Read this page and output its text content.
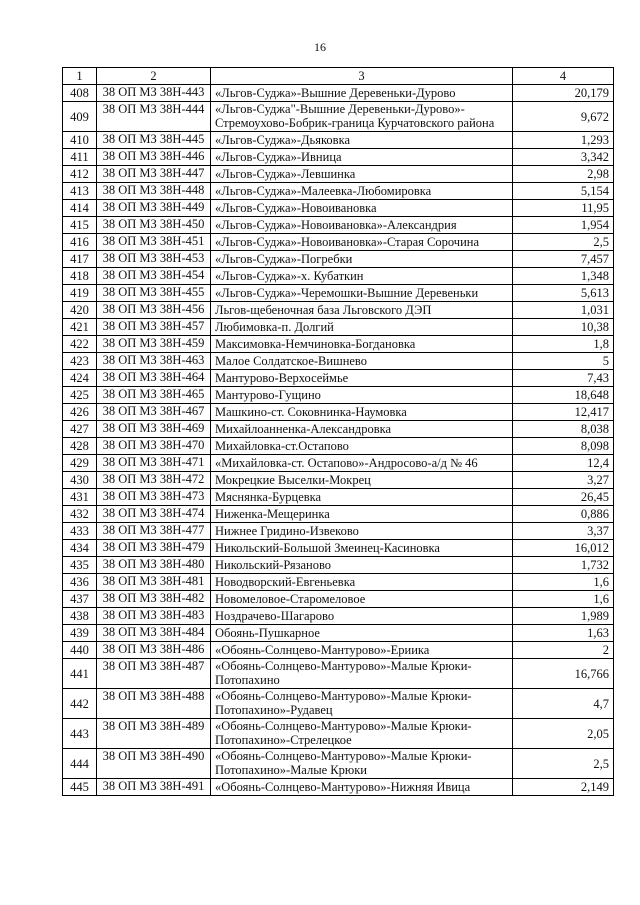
16
1	2	3	4
408	38 ОП МЗ 38Н-443	«Льгов-Суджа»-Вышние Деревеньки-Дурово	20,179
409	38 ОП МЗ 38Н-444	«Льгов-Суджа"-Вышние Деревеньки-Дурово»-
Стремоухово-Бобрик-граница Курчатовского района	9,672
410	38 ОП МЗ 38Н-445	«Льгов-Суджа»-Дьяковка	1,293
411	38 ОП МЗ 38Н-446	«Льгов-Суджа»-Ивница	3,342
412	38 ОП МЗ 38Н-447	«Льгов-Суджа»-Левшинка	2,98
413	38 ОП МЗ 38Н-448	«Льгов-Суджа»-Малеевка-Любомировка	5,154
414	38 ОП МЗ 38Н-449	«Льгов-Суджа»-Новоивановка	11,95
415	38 ОП МЗ 38Н-450	«Льгов-Суджа»-Новоивановка»-Александрия	1,954
416	38 ОП МЗ 38Н-451	«Льгов-Суджа»-Новоивановка»-Старая Сорочина	2,5
417	38 ОП МЗ 38Н-453	«Льгов-Суджа»-Погребки	7,457
418	38 ОП МЗ 38Н-454	«Льгов-Суджа»-х. Кубаткин	1,348
419	38 ОП МЗ 38Н-455	«Льгов-Суджа»-Черемошки-Вышние Деревеньки	5,613
420	38 ОП МЗ 38Н-456	Льгов-щебеночная база Льговского ДЭП	1,031
421	38 ОП МЗ 38Н-457	Любимовка-п. Долгий	10,38
422	38 ОП МЗ 38Н-459	Максимовка-Немчиновка-Богдановка	1,8
423	38 ОП МЗ 38Н-463	Малое Солдатское-Вишнево	5
424	38 ОП МЗ 38Н-464	Мантурово-Верхосеймье	7,43
425	38 ОП МЗ 38Н-465	Мантурово-Гущино	18,648
426	38 ОП МЗ 38Н-467	Машкино-ст. Соковнинка-Наумовка	12,417
427	38 ОП МЗ 38Н-469	Михайлоанненка-Александровка	8,038
428	38 ОП МЗ 38Н-470	Михайловка-ст.Остапово	8,098
429	38 ОП МЗ 38Н-471	«Михайловка-ст. Остапово»-Андросово-а/д № 46	12,4
430	38 ОП МЗ 38Н-472	Мокрецкие Выселки-Мокрец	3,27
431	38 ОП МЗ 38Н-473	Мяснянка-Бурцевка	26,45
432	38 ОП МЗ 38Н-474	Ниженка-Мещеринка	0,886
433	38 ОП МЗ 38Н-477	Нижнее Гридино-Извеково	3,37
434	38 ОП МЗ 38Н-479	Никольский-Большой Змеинец-Касиновка	16,012
435	38 ОП МЗ 38Н-480	Никольский-Рязаново	1,732
436	38 ОП МЗ 38Н-481	Новодворский-Евгеньевка	1,6
437	38 ОП МЗ 38Н-482	Новомеловое-Старомеловое	1,6
438	38 ОП МЗ 38Н-483	Ноздрачево-Шагарово	1,989
439	38 ОП МЗ 38Н-484	Обоянь-Пушкарное	1,63
440	38 ОП МЗ 38Н-486	«Обоянь-Солнцево-Мантурово»-Ериика	2
441	38 ОП МЗ 38Н-487	«Обоянь-Солнцево-Мантурово»-Малые Крюки-
Потопахино	16,766
442	38 ОП МЗ 38Н-488	«Обоянь-Солнцево-Мантурово»-Малые Крюки-
Потопахино»-Рудавец	4,7
443	38 ОП МЗ 38Н-489	«Обоянь-Солнцево-Мантурово»-Малые Крюки-
Потопахино»-Стрелецкое	2,05
444	38 ОП МЗ 38Н-490	«Обоянь-Солнцево-Мантурово»-Малые Крюки-
Потопахино»-Малые Крюки	2,5
445	38 ОП МЗ 38Н-491	«Обоянь-Солнцево-Мантурово»-Нижняя Ивица	2,149
